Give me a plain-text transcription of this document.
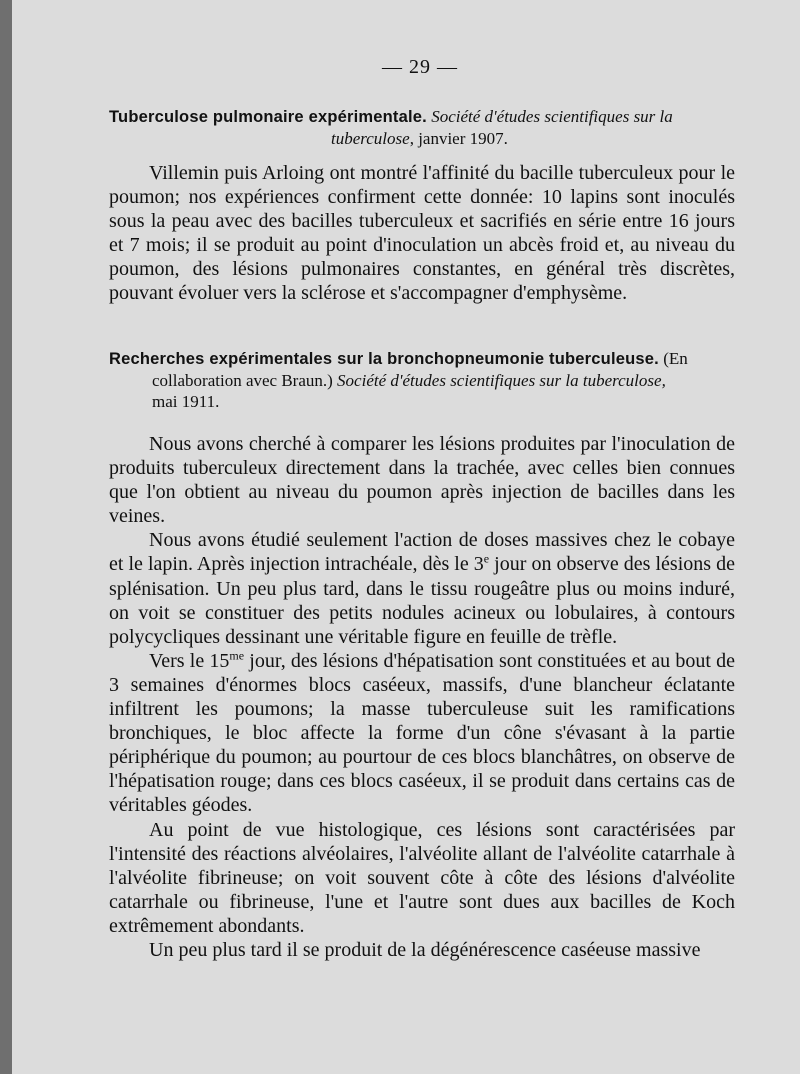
— 29 —
Tuberculose pulmonaire expérimentale. Société d'études scientifiques sur la
tuberculose, janvier 1907.

Villemin puis Arloing ont montré l'affinité du bacille tuberculeux pour le poumon; nos expériences confirment cette donnée: 10 lapins sont inoculés sous la peau avec des bacilles tuberculeux et sacrifiés en série entre 16 jours et 7 mois; il se produit au point d'inoculation un abcès froid et, au niveau du poumon, des lésions pulmonaires constantes, en général très discrètes, pouvant évoluer vers la sclérose et s'accompagner d'emphysème.

Recherches expérimentales sur la bronchopneumonie tuberculeuse. (En
collaboration avec Braun.) Société d'études scientifiques sur la tuberculose,
mai 1911.

Nous avons cherché à comparer les lésions produites par l'inoculation de produits tuberculeux directement dans la trachée, avec celles bien connues que l'on obtient au niveau du poumon après injection de bacilles dans les veines.

Nous avons étudié seulement l'action de doses massives chez le cobaye et le lapin. Après injection intrachéale, dès le 3e jour on observe des lésions de splénisation. Un peu plus tard, dans le tissu rougeâtre plus ou moins induré, on voit se constituer des petits nodules acineux ou lobulaires, à contours polycycliques dessinant une véritable figure en feuille de trèfle.

Vers le $15^{me}$ jour, des lésions d'hépatisation sont constituées et au bout de 3 semaines d'énormes blocs caséeux, massifs, d'une blancheur éclatante infiltrent les poumons; la masse tuberculeuse suit les ramifications bronchiques, le bloc affecte la forme d'un cône s'évasant à la partie périphérique du poumon; au pourtour de ces blocs blanchâtres, on observe de l'hépatisation rouge; dans ces blocs caséeux, il se produit dans certains cas de véritables géodes.

Au point de vue histologique, ces lésions sont caractérisées par l'intensité des réactions alvéolaires, l'alvéolite allant de l'alvéolite catarrhale à l'alvéolite fibrineuse; on voit souvent côte à côte des lésions d'alvéolite catarrhale ou fibrineuse, l'une et l'autre sont dues aux bacilles de Koch extrêmement abondants.

Un peu plus tard il se produit de la dégénérescence caséeuse massive
